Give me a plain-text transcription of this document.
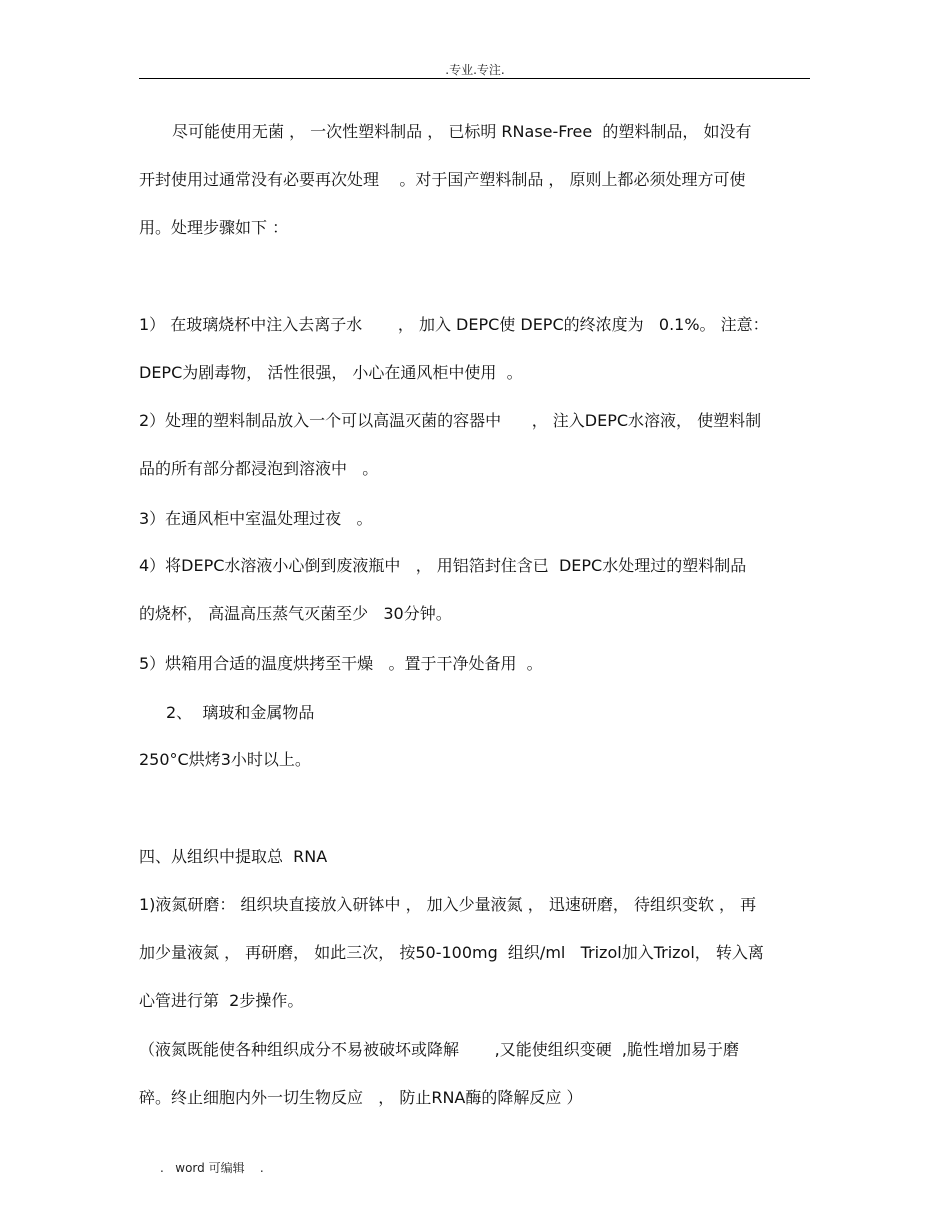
.专业.专注.
尽可能使用无菌 ， 一次性塑料制品 ， 已标明 RNase-Free  的塑料制品， 如没有
开封使用过通常没有必要再次处理    。对于国产塑料制品 ， 原则上都必须处理方可使
用。处理步骤如下 ：
1） 在玻璃烧杯中注入去离子水       ， 加入 DEPC使 DEPC的终浓度为   0.1%。 注意：
DEPC为剧毒物， 活性很强， 小心在通风柜中使用  。
2）处理的塑料制品放入一个可以高温灭菌的容器中      ， 注入DEPC水溶液， 使塑料制
品的所有部分都浸泡到溶液中   。
3）在通风柜中室温处理过夜   。
4）将DEPC水溶液小心倒到废液瓶中   ， 用铝箔封住含已  DEPC水处理过的塑料制品
的烧杯， 高温高压蒸气灭菌至少   30分钟。
5）烘箱用合适的温度烘拷至干燥   。置于干净处备用  。
2、  璃玻和金属物品
250°C烘烤3小时以上。
四、从组织中提取总  RNA
1)液氮研磨： 组织块直接放入研钵中 ， 加入少量液氮 ， 迅速研磨， 待组织变软 ， 再
加少量液氮 ， 再研磨， 如此三次， 按50-100mg  组织/ml   Trizol加入Trizol， 转入离
心管进行第  2步操作。
（液氮既能使各种组织成分不易被破坏或降解       ,又能使组织变硬  ,脆性增加易于磨
碎。终止细胞内外一切生物反应   ， 防止RNA酶的降解反应 ）
.   word 可编辑    .
